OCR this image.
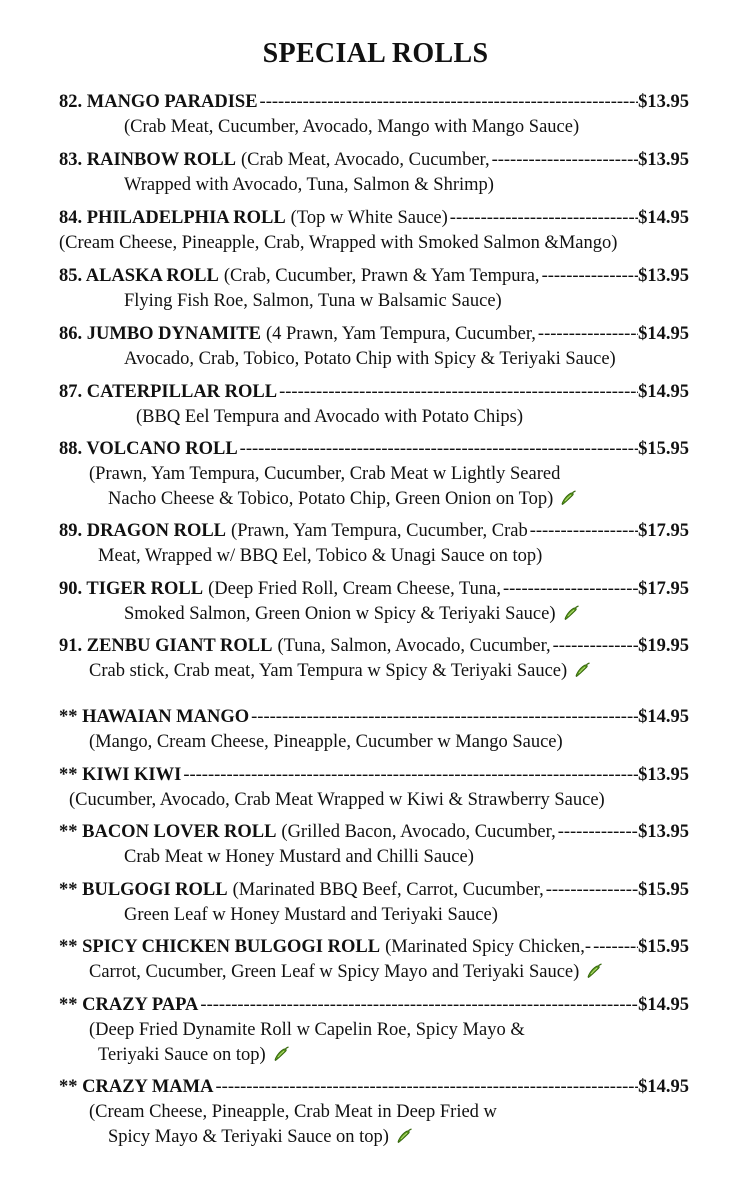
SPECIAL ROLLS
82. MANGO PARADISE -----	$13.95
(Crab Meat, Cucumber, Avocado, Mango with Mango Sauce)
83. RAINBOW ROLL (Crab Meat, Avocado, Cucumber, -----	$13.95
Wrapped with Avocado, Tuna, Salmon & Shrimp)
84. PHILADELPHIA ROLL (Top w White Sauce) -----	$14.95
(Cream Cheese, Pineapple, Crab, Wrapped with Smoked Salmon &Mango)
85. ALASKA ROLL (Crab, Cucumber, Prawn & Yam Tempura, -----	$13.95
Flying Fish Roe, Salmon, Tuna w Balsamic Sauce)
86. JUMBO DYNAMITE (4 Prawn, Yam Tempura, Cucumber, -----	$14.95
Avocado, Crab, Tobico, Potato Chip with Spicy & Teriyaki Sauce)
87. CATERPILLAR ROLL -----	$14.95
(BBQ Eel Tempura and Avocado with Potato Chips)
88. VOLCANO ROLL -----	$15.95
(Prawn, Yam Tempura, Cucumber, Crab Meat w Lightly Seared
Nacho Cheese & Tobico, Potato Chip, Green Onion on Top)
89. DRAGON ROLL (Prawn, Yam Tempura, Cucumber, Crab -----	$17.95
Meat, Wrapped w/ BBQ Eel, Tobico & Unagi Sauce on top)
90. TIGER ROLL (Deep Fried Roll, Cream Cheese, Tuna, -----	$17.95
Smoked Salmon, Green Onion w Spicy & Teriyaki Sauce)
91. ZENBU GIANT ROLL (Tuna, Salmon, Avocado, Cucumber, -----	$19.95
Crab stick, Crab meat, Yam Tempura w Spicy & Teriyaki Sauce)
** HAWAIAN MANGO -----	$14.95
(Mango, Cream Cheese, Pineapple, Cucumber w Mango Sauce)
** KIWI KIWI -----	$13.95
(Cucumber, Avocado, Crab Meat Wrapped w Kiwi & Strawberry Sauce)
** BACON LOVER ROLL (Grilled Bacon, Avocado, Cucumber, -----	$13.95
Crab Meat w Honey Mustard and Chilli Sauce)
** BULGOGI ROLL (Marinated BBQ Beef, Carrot, Cucumber, -----	$15.95
Green Leaf w Honey Mustard and Teriyaki Sauce)
** SPICY CHICKEN BULGOGI ROLL (Marinated Spicy Chicken,- -----	$15.95
Carrot, Cucumber, Green Leaf w Spicy Mayo and Teriyaki Sauce)
** CRAZY PAPA -----	$14.95
(Deep Fried Dynamite Roll w Capelin Roe, Spicy Mayo &
Teriyaki Sauce on top)
** CRAZY MAMA -----	$14.95
(Cream Cheese, Pineapple, Crab Meat in Deep Fried w
Spicy Mayo & Teriyaki Sauce on top)
